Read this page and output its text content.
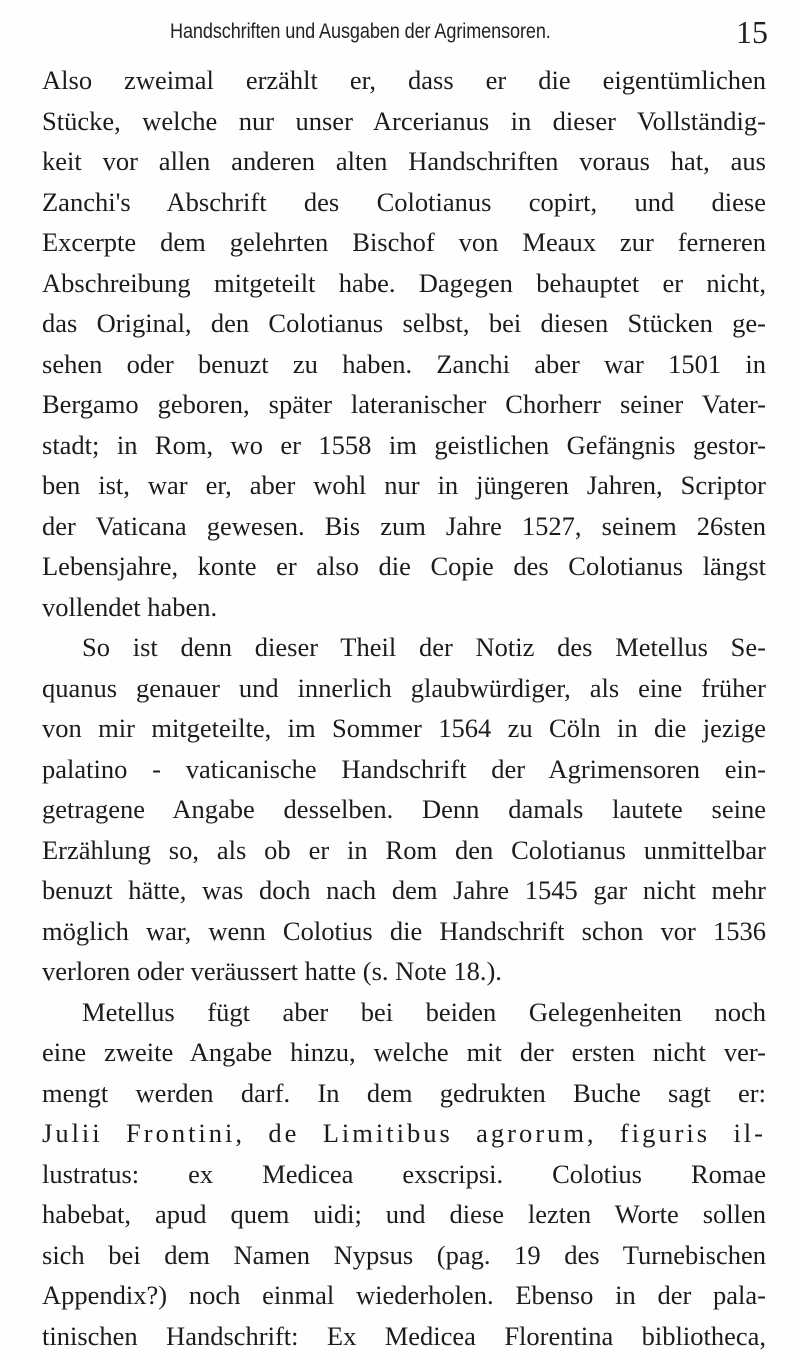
Handschriften und Ausgaben der Agrimensoren.	15
Also zweimal erzählt er, dass er die eigentümlichen
Stücke, welche nur unser Arcerianus in dieser Vollständig-
keit vor allen anderen alten Handschriften voraus hat, aus
Zanchi's Abschrift des Colotianus copirt, und diese
Excerpte dem gelehrten Bischof von Meaux zur ferneren
Abschreibung mitgeteilt habe. Dagegen behauptet er nicht,
das Original, den Colotianus selbst, bei diesen Stücken ge-
sehen oder benuzt zu haben. Zanchi aber war 1501 in
Bergamo geboren, später lateranischer Chorherr seiner Vater-
stadt; in Rom, wo er 1558 im geistlichen Gefängnis gestor-
ben ist, war er, aber wohl nur in jüngeren Jahren, Scriptor
der Vaticana gewesen. Bis zum Jahre 1527, seinem 26sten
Lebensjahre, konte er also die Copie des Colotianus längst
vollendet haben.
So ist denn dieser Theil der Notiz des Metellus Se-
quanus genauer und innerlich glaubwürdiger, als eine früher
von mir mitgeteilte, im Sommer 1564 zu Cöln in die jezige
palatino - vaticanische Handschrift der Agrimensoren ein-
getragene Angabe desselben. Denn damals lautete seine
Erzählung so, als ob er in Rom den Colotianus unmittelbar
benuzt hätte, was doch nach dem Jahre 1545 gar nicht mehr
möglich war, wenn Colotius die Handschrift schon vor 1536
verloren oder veräussert hatte (s. Note 18.).
Metellus fügt aber bei beiden Gelegenheiten noch
eine zweite Angabe hinzu, welche mit der ersten nicht ver-
mengt werden darf. In dem gedrukten Buche sagt er:
Julii Frontini, de Limitibus agrorum, figuris il-
lustratus: ex Medicea exscripsi. Colotius Romae
habebat, apud quem uidi; und diese lezten Worte sollen
sich bei dem Namen Nypsus (pag. 19 des Turnebischen
Appendix?) noch einmal wiederholen. Ebenso in der pala-
tinischen Handschrift: Ex Medicea Florentina bibliotheca,
